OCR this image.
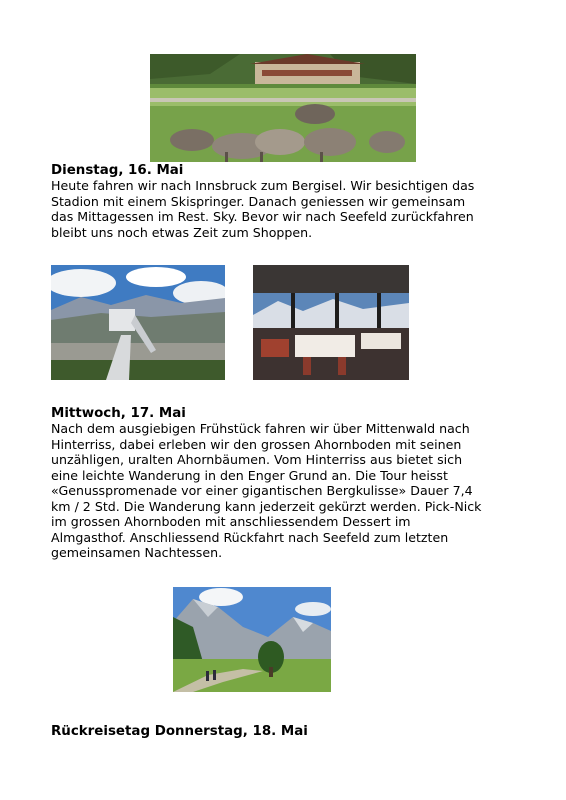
Dienstag, 16. Mai

Heute fahren wir nach Innsbruck zum Bergisel. Wir besichtigen das
Stadion mit einem Skispringer. Danach geniessen wir gemeinsam
das Mittagessen im Rest. Sky. Bevor wir nach Seefeld zurückfahren
bleibt uns noch etwas Zeit zum Shoppen.

Mittwoch, 17. Mai

Nach dem ausgiebigen Frühstück fahren wir über Mittenwald nach
Hinterriss, dabei erleben wir den grossen Ahornboden mit seinen
unzähligen, uralten Ahornbäumen. Vom Hinterriss aus bietet sich
eine leichte Wanderung in den Enger Grund an. Die Tour heisst
«Genusspromenade vor einer gigantischen Bergkulisse» Dauer 7,4
km / 2 Std. Die Wanderung kann jederzeit gekürzt werden. Pick-Nick
im grossen Ahornboden mit anschliessendem Dessert im
Almgasthof. Anschliessend Rückfahrt nach Seefeld zum letzten
gemeinsamen Nachtessen.

Rückreisetag Donnerstag, 18. Mai
